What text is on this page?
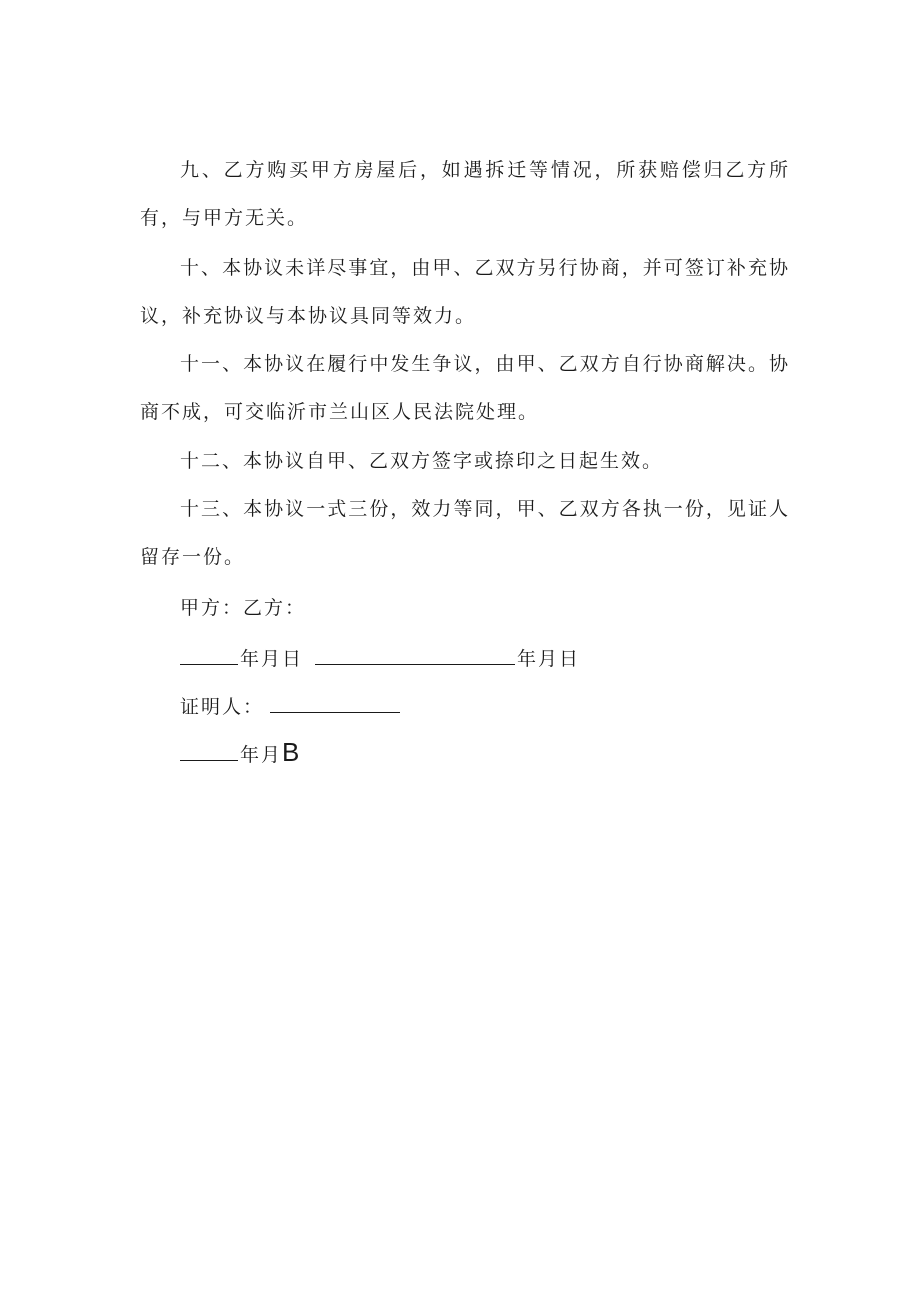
九、乙方购买甲方房屋后，如遇拆迁等情况，所获赔偿归乙方所有，与甲方无关。

十、本协议未详尽事宜，由甲、乙双方另行协商，并可签订补充协议，补充协议与本协议具同等效力。

十一、本协议在履行中发生争议，由甲、乙双方自行协商解决。协商不成，可交临沂市兰山区人民法院处理。

十二、本协议自甲、乙双方签字或捺印之日起生效。

十三、本协议一式三份，效力等同，甲、乙双方各执一份，见证人留存一份。

甲方：乙方：

年月日	年月日

证明人：

年月B
